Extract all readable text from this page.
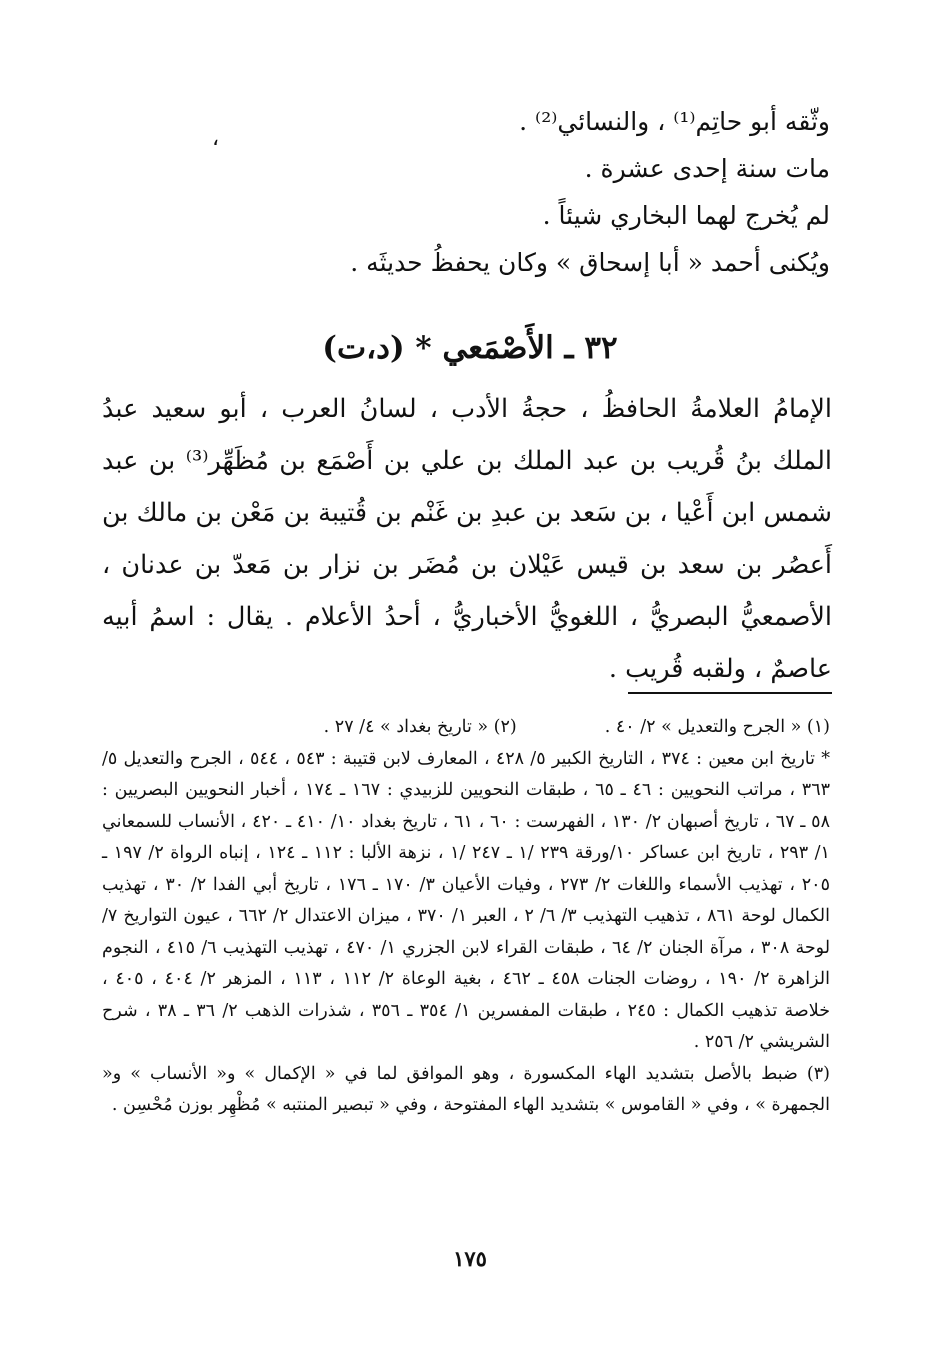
،

وثّقه أبو حاتِم⁽¹⁾ ، والنسائي⁽²⁾ .

مات سنة إحدى عشرة .

لم يُخرج لهما البخاري شيئاً .

ويُكنى أحمد « أبا إسحاق » وكان يحفظُ حديثَه .

٣٢ ـ الأَصْمَعي * (د،ت)

الإمامُ العلامةُ الحافظُ ، حجةُ الأدب ، لسانُ العرب ، أبو سعيد عبدُ الملك بنُ قُريب بن عبد الملك بن علي بن أَصْمَع بن مُظَهِّر⁽³⁾ بن عبد شمس ابن أَعْيا ، بن سَعد بن عبدِ بن غَنْم بن قُتيبة بن مَعْن بن مالك بن أَعصُر بن سعد بن قيس عَيْلان بن مُضَر بن نزار بن مَعدّ بن عدنان ، الأصمعيُّ البصريُّ ، اللغويُّ الأخباريُّ ، أحدُ الأعلام . يقال : اسمُ أبيه عاصمٌ ، ولقبه قُريب .

(١) « الجرح والتعديل » ٢/ ٤٠ .
(٢) « تاريخ بغداد » ٤/ ٢٧ .

* تاريخ ابن معين : ٣٧٤ ، التاريخ الكبير ٥/ ٤٢٨ ، المعارف لابن قتيبة : ٥٤٣ ، ٥٤٤ ، الجرح والتعديل ٥/ ٣٦٣ ، مراتب النحويين : ٤٦ ـ ٦٥ ، طبقات النحويين للزبيدي : ١٦٧ ـ ١٧٤ ، أخبار النحويين البصريين : ٥٨ ـ ٦٧ ، تاريخ أصبهان ٢/ ١٣٠ ، الفهرست : ٦٠ ، ٦١ ، تاريخ بغداد ١٠/ ٤١٠ ـ ٤٢٠ ، الأنساب للسمعاني ١/ ٢٩٣ ، تاريخ ابن عساكر ١٠/ورقة ٢٣٩ /١ ـ ٢٤٧ /١ ، نزهة الألبا : ١١٢ ـ ١٢٤ ، إنباه الرواة ٢/ ١٩٧ ـ ٢٠٥ ، تهذيب الأسماء واللغات ٢/ ٢٧٣ ، وفيات الأعيان ٣/ ١٧٠ ـ ١٧٦ ، تاريخ أبي الفدا ٢/ ٣٠ ، تهذيب الكمال لوحة ٨٦١ ، تذهيب التهذيب ٣/ ٦/ ٢ ، العبر ١/ ٣٧٠ ، ميزان الاعتدال ٢/ ٦٦٢ ، عيون التواريخ ٧/لوحة ٣٠٨ ، مرآة الجنان ٢/ ٦٤ ، طبقات القراء لابن الجزري ١/ ٤٧٠ ، تهذيب التهذيب ٦/ ٤١٥ ، النجوم الزاهرة ٢/ ١٩٠ ، روضات الجنات ٤٥٨ ـ ٤٦٢ ، بغية الوعاة ٢/ ١١٢ ، ١١٣ ، المزهر ٢/ ٤٠٤ ، ٤٠٥ ، خلاصة تذهيب الكمال : ٢٤٥ ، طبقات المفسرين ١/ ٣٥٤ ـ ٣٥٦ ، شذرات الذهب ٢/ ٣٦ ـ ٣٨ ، شرح الشريشي ٢/ ٢٥٦ .

(٣) ضبط بالأصل بتشديد الهاء المكسورة ، وهو الموافق لما في « الإكمال » و« الأنساب » و« الجمهرة » ، وفي « القاموس » بتشديد الهاء المفتوحة ، وفي « تبصير المنتبه » مُظْهِر بوزن مُحْسِن .

١٧٥
